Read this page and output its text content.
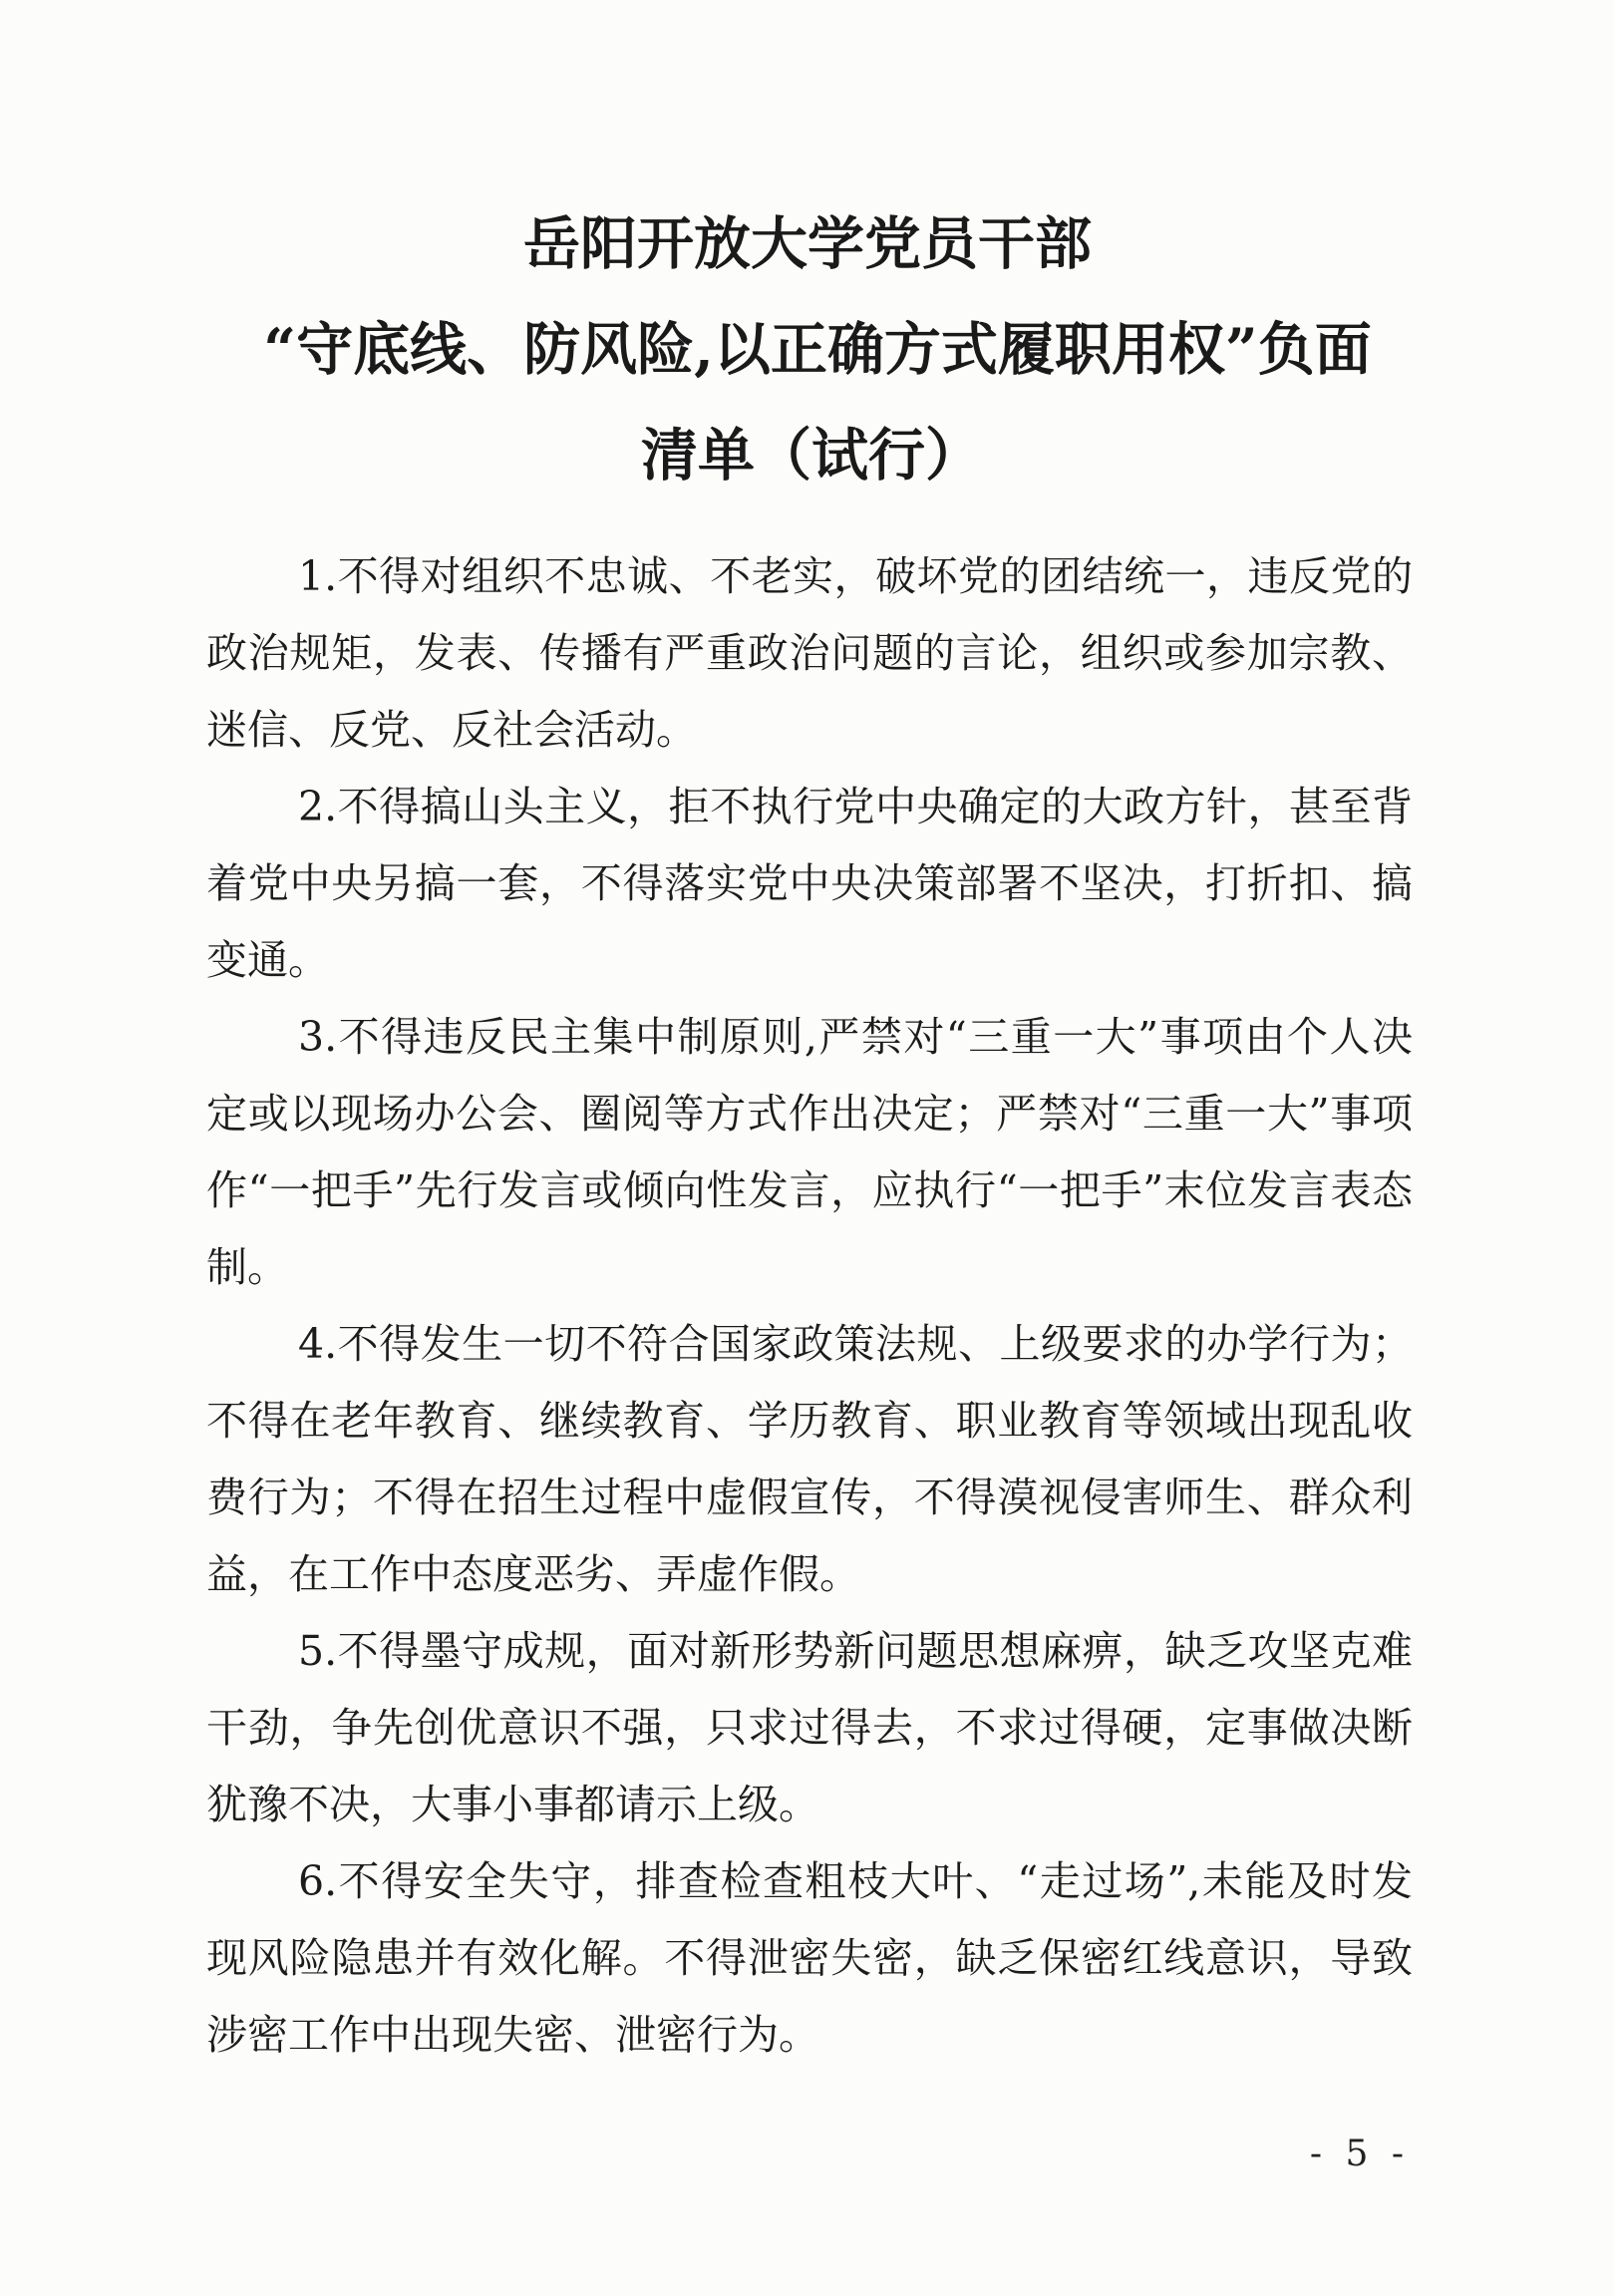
岳阳开放大学党员干部
“守底线、防风险,以正确方式履职用权”负面
清单（试行）

1.不得对组织不忠诚、不老实，破坏党的团结统一，违反党的政治规矩，发表、传播有严重政治问题的言论，组织或参加宗教、迷信、反党、反社会活动。

2.不得搞山头主义，拒不执行党中央确定的大政方针，甚至背着党中央另搞一套，不得落实党中央决策部署不坚决，打折扣、搞变通。

3.不得违反民主集中制原则,严禁对“三重一大”事项由个人决定或以现场办公会、圈阅等方式作出决定；严禁对“三重一大”事项作“一把手”先行发言或倾向性发言，应执行“一把手”末位发言表态制。

4.不得发生一切不符合国家政策法规、上级要求的办学行为；不得在老年教育、继续教育、学历教育、职业教育等领域出现乱收费行为；不得在招生过程中虚假宣传，不得漠视侵害师生、群众利益，在工作中态度恶劣、弄虚作假。

5.不得墨守成规，面对新形势新问题思想麻痹，缺乏攻坚克难干劲，争先创优意识不强，只求过得去，不求过得硬，定事做决断犹豫不决，大事小事都请示上级。

6.不得安全失守，排查检查粗枝大叶、“走过场”,未能及时发现风险隐患并有效化解。不得泄密失密，缺乏保密红线意识，导致涉密工作中出现失密、泄密行为。

- 5 -
